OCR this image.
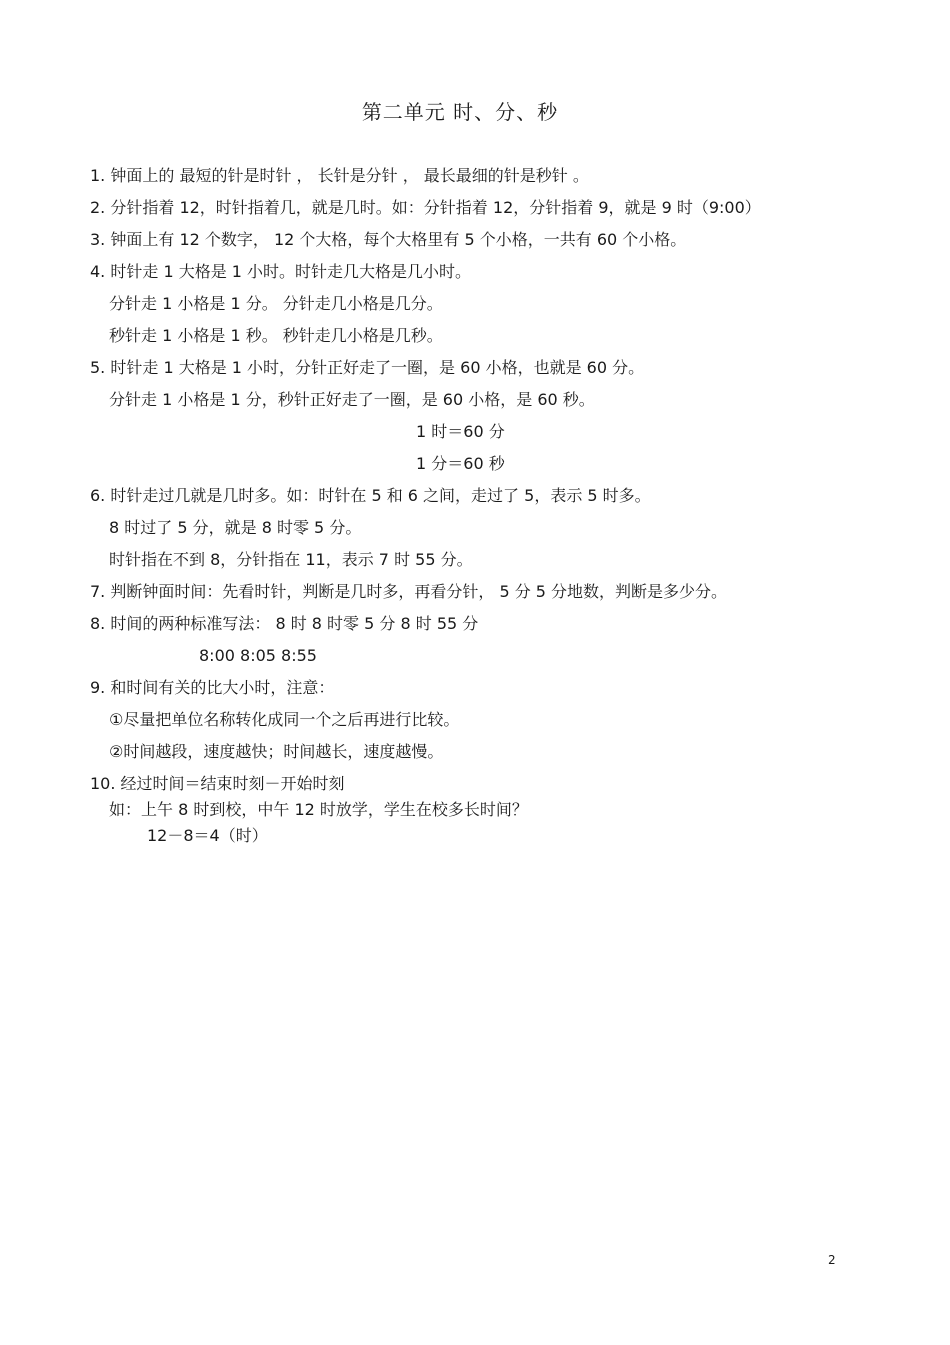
第二单元 时、分、秒
1. 钟面上的 最短的针是时针 ， 长针是分针 ， 最长最细的针是秒针 。
2. 分针指着 12，时针指着几，就是几时。如：分针指着 12，分针指着 9，就是 9 时（9:00）
3. 钟面上有 12 个数字， 12 个大格，每个大格里有 5 个小格，一共有 60 个小格。
4. 时针走 1 大格是 1 小时。时针走几大格是几小时。
分针走 1 小格是 1 分。 分针走几小格是几分。
秒针走 1 小格是 1 秒。 秒针走几小格是几秒。
5. 时针走 1 大格是 1 小时，分针正好走了一圈，是 60 小格，也就是 60 分。
分针走 1 小格是 1 分，秒针正好走了一圈，是 60 小格，是 60 秒。
1 时＝60 分
1 分＝60 秒
6. 时针走过几就是几时多。如：时针在 5 和 6 之间，走过了 5，表示 5 时多。
8 时过了 5 分，就是 8 时零 5 分。
时针指在不到 8，分针指在 11，表示 7 时 55 分。
7. 判断钟面时间：先看时针，判断是几时多，再看分针， 5 分 5 分地数，判断是多少分。
8. 时间的两种标准写法： 8 时 8 时零 5 分 8 时 55 分
8:00 8:05 8:55
9. 和时间有关的比大小时，注意：
①尽量把单位名称转化成同一个之后再进行比较。
②时间越段，速度越快；时间越长，速度越慢。
10. 经过时间＝结束时刻－开始时刻
如：上午 8 时到校，中午 12 时放学，学生在校多长时间？
12－8＝4（时）
2
